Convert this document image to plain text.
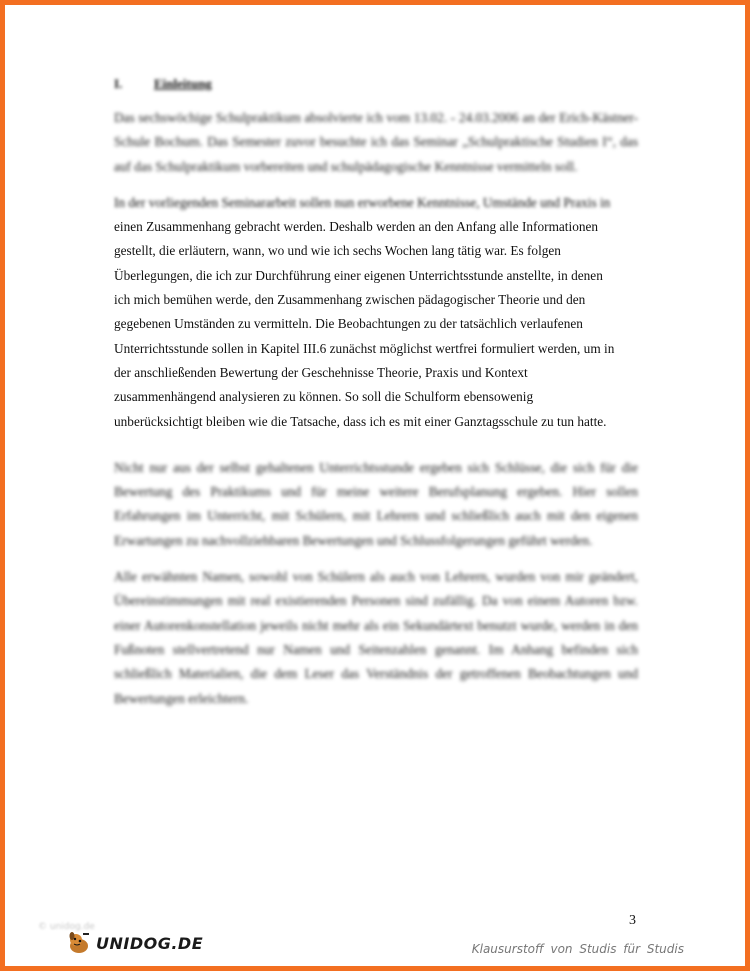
I. Einleitung

Das sechswöchige Schulpraktikum absolvierte ich vom 13.02. - 24.03.2006 an der Erich-Kästner-Schule Bochum. Das Semester zuvor besuchte ich das Seminar „Schulpraktische Studien I“, das auf das Schulpraktikum vorbereiten und schulpädagogische Kenntnisse vermitteln soll.

In der vorliegenden Seminararbeit sollen nun erworbene Kenntnisse, Umstände und Praxis in
einen Zusammenhang gebracht werden. Deshalb werden an den Anfang alle Informationen
gestellt, die erläutern, wann, wo und wie ich sechs Wochen lang tätig war. Es folgen
Überlegungen, die ich zur Durchführung einer eigenen Unterrichtsstunde anstellte, in denen
ich mich bemühen werde, den Zusammenhang zwischen pädagogischer Theorie und den
gegebenen Umständen zu vermitteln. Die Beobachtungen zu der tatsächlich verlaufenen
Unterrichtsstunde sollen in Kapitel III.6 zunächst möglichst wertfrei formuliert werden, um in
der anschließenden Bewertung der Geschehnisse Theorie, Praxis und Kontext
zusammenhängend analysieren zu können. So soll die Schulform ebensowenig
unberücksichtigt bleiben wie die Tatsache, dass ich es mit einer Ganztagsschule zu tun hatte.

Nicht nur aus der selbst gehaltenen Unterrichtsstunde ergeben sich Schlüsse, die sich für die Bewertung des Praktikums und für meine weitere Berufsplanung ergeben. Hier sollen Erfahrungen im Unterricht, mit Schülern, mit Lehrern und schließlich auch mit den eigenen Erwartungen zu nachvollziehbaren Bewertungen und Schlussfolgerungen geführt werden.

Alle erwähnten Namen, sowohl von Schülern als auch von Lehrern, wurden von mir geändert, Übereinstimmungen mit real existierenden Personen sind zufällig. Da von einem Autoren bzw. einer Autorenkonstellation jeweils nicht mehr als ein Sekundärtext benutzt wurde, werden in den Fußnoten stellvertretend nur Namen und Seitenzahlen genannt. Im Anhang befinden sich schließlich Materialien, die dem Leser das Verständnis der getroffenen Beobachtungen und Bewertungen erleichtern.

3
© unidog.de
UNIDOG.DE	Klausurstoff von Studis für Studis
